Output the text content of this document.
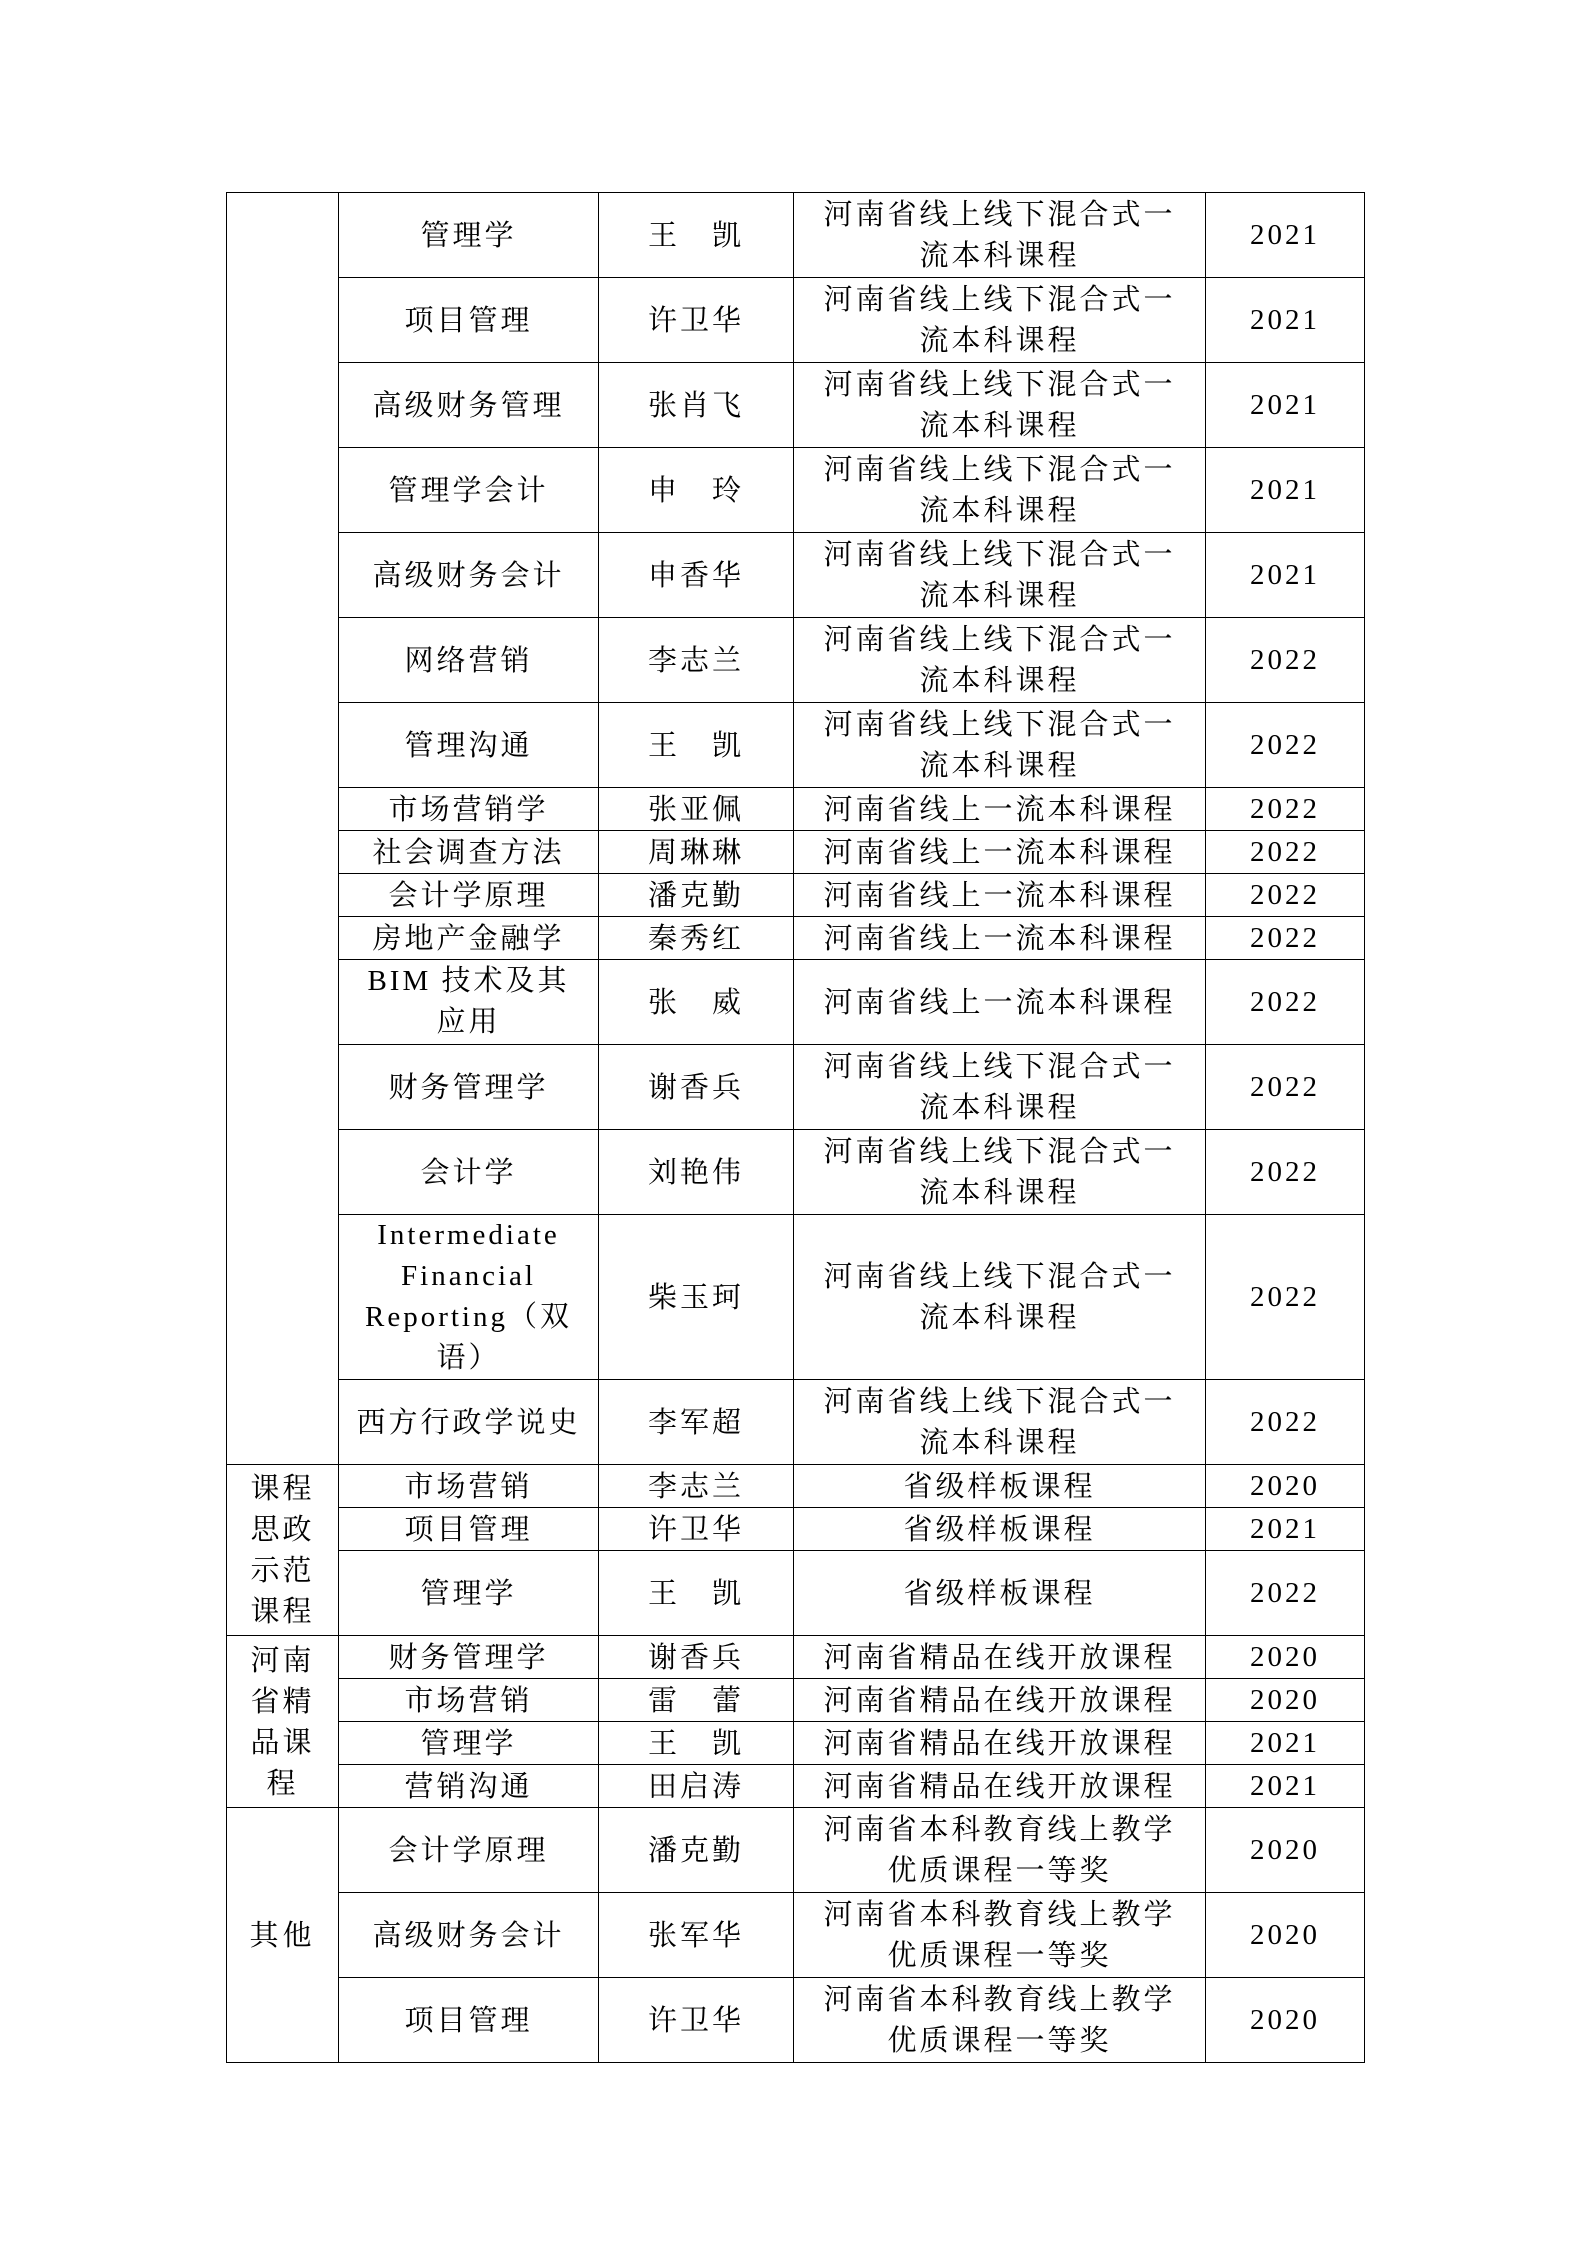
	管理学	王　凯	河南省线上线下混合式一流本科课程	2021
	项目管理	许卫华	河南省线上线下混合式一流本科课程	2021
	高级财务管理	张肖飞	河南省线上线下混合式一流本科课程	2021
	管理学会计	申　玲	河南省线上线下混合式一流本科课程	2021
	高级财务会计	申香华	河南省线上线下混合式一流本科课程	2021
	网络营销	李志兰	河南省线上线下混合式一流本科课程	2022
	管理沟通	王　凯	河南省线上线下混合式一流本科课程	2022
	市场营销学	张亚佩	河南省线上一流本科课程	2022
	社会调查方法	周琳琳	河南省线上一流本科课程	2022
	会计学原理	潘克勤	河南省线上一流本科课程	2022
	房地产金融学	秦秀红	河南省线上一流本科课程	2022
	BIM 技术及其应用	张　威	河南省线上一流本科课程	2022
	财务管理学	谢香兵	河南省线上线下混合式一流本科课程	2022
	会计学	刘艳伟	河南省线上线下混合式一流本科课程	2022
	Intermediate Financial Reporting（双语）	柴玉珂	河南省线上线下混合式一流本科课程	2022
	西方行政学说史	李军超	河南省线上线下混合式一流本科课程	2022
课程思政示范课程	市场营销	李志兰	省级样板课程	2020
	项目管理	许卫华	省级样板课程	2021
	管理学	王　凯	省级样板课程	2022
河南省精品课程	财务管理学	谢香兵	河南省精品在线开放课程	2020
	市场营销	雷　蕾	河南省精品在线开放课程	2020
	管理学	王　凯	河南省精品在线开放课程	2021
	营销沟通	田启涛	河南省精品在线开放课程	2021
其他	会计学原理	潘克勤	河南省本科教育线上教学优质课程一等奖	2020
	高级财务会计	张军华	河南省本科教育线上教学优质课程一等奖	2020
	项目管理	许卫华	河南省本科教育线上教学优质课程一等奖	2020
